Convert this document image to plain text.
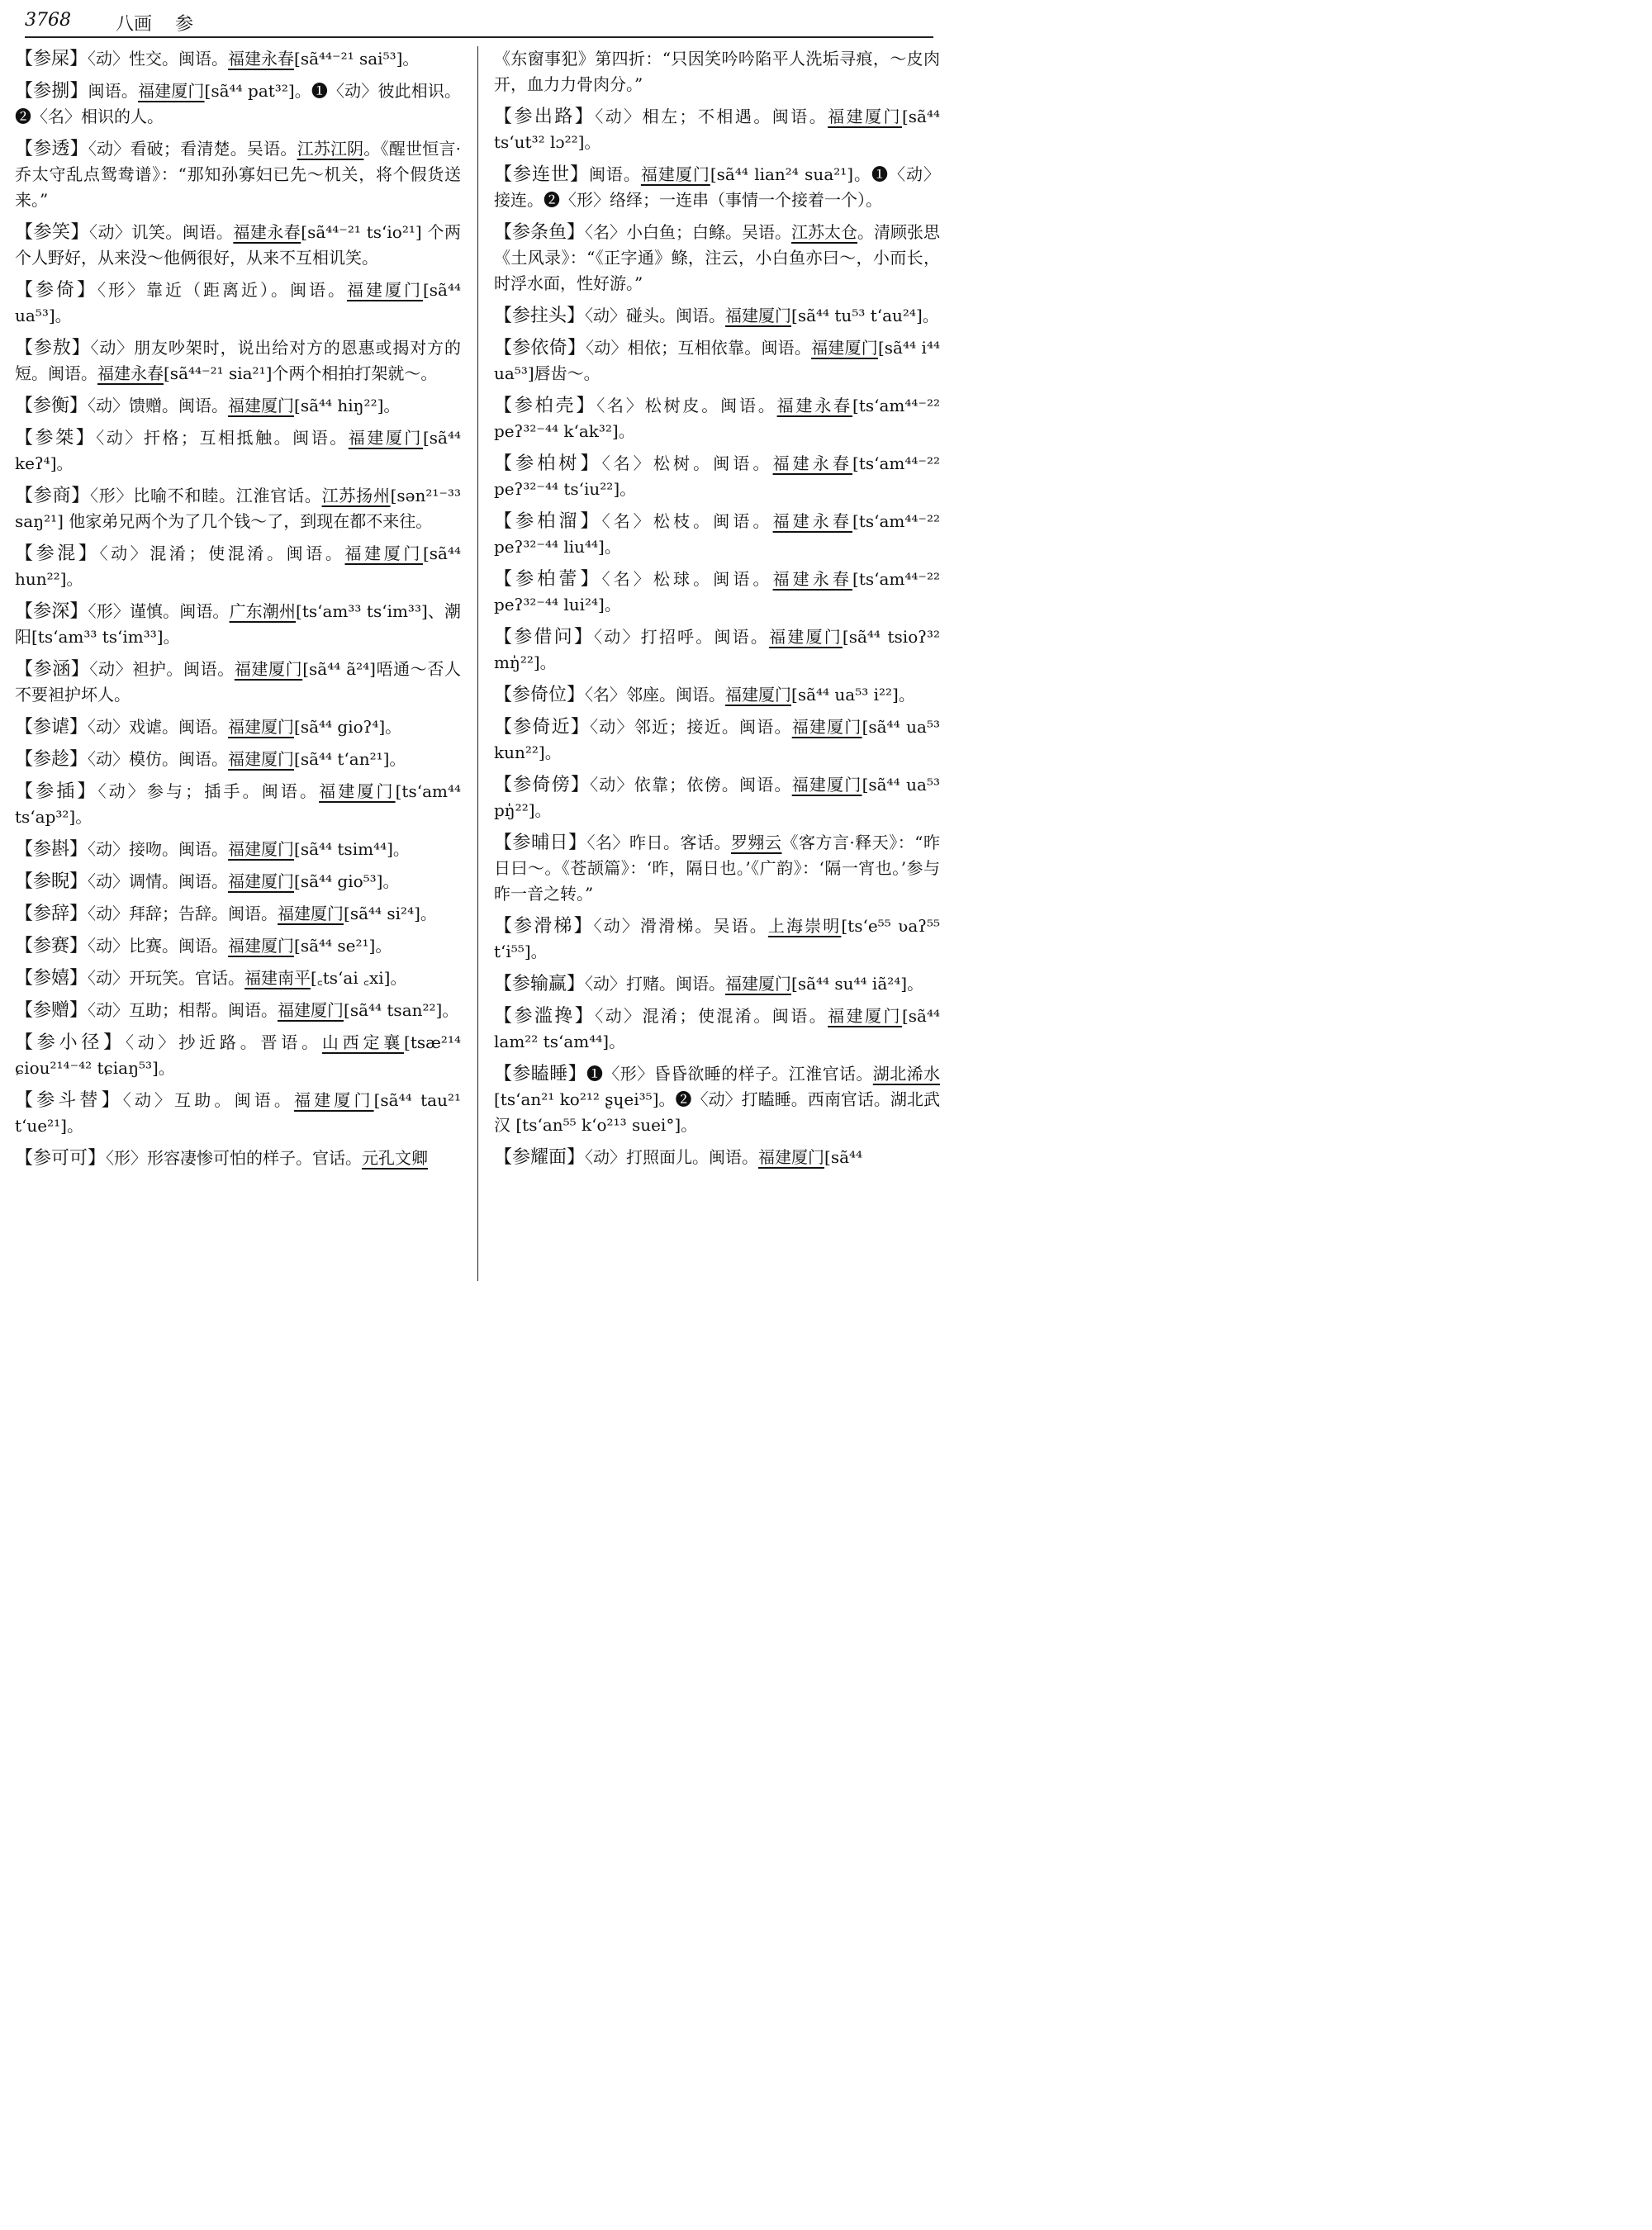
3768 八画 参
【参屎】〈动〉性交。闽语。福建永春[sã⁴⁴⁻²¹ sai⁵³]。
【参捌】闽语。福建厦门[sã⁴⁴ pat³²]。❶〈动〉彼此相识。❷〈名〉相识的人。
【参透】〈动〉看破；看清楚。吴语。江苏江阴。《醒世恒言·乔太守乱点鸳鸯谱》：“那知孙寡妇已先～机关，将个假货送来。”
【参笑】〈动〉讥笑。闽语。福建永春[sã⁴⁴⁻²¹ ts‘io²¹] 个两个人野好，从来没～他俩很好，从来不互相讥笑。
【参倚】〈形〉靠近（距离近）。闽语。福建厦门[sã⁴⁴ ua⁵³]。
【参敖】〈动〉朋友吵架时，说出给对方的恩惠或揭对方的短。闽语。福建永春[sã⁴⁴⁻²¹ sia²¹]个两个相拍打架就～。
【参衡】〈动〉馈赠。闽语。福建厦门[sã⁴⁴ hiŋ²²]。
【参桀】〈动〉扞格；互相抵触。闽语。福建厦门[sã⁴⁴ keʔ⁴]。
【参商】〈形〉比喻不和睦。江淮官话。江苏扬州[sən²¹⁻³³ saŋ²¹] 他家弟兄两个为了几个钱～了，到现在都不来往。
【参混】〈动〉混淆；使混淆。闽语。福建厦门[sã⁴⁴ hun²²]。
【参深】〈形〉谨慎。闽语。广东潮州[ts‘am³³ ts‘im³³]、潮阳[ts‘am³³ ts‘im³³]。
【参涵】〈动〉袒护。闽语。福建厦门[sã⁴⁴ ã²⁴]唔通～否人不要袒护坏人。
【参谑】〈动〉戏谑。闽语。福建厦门[sã⁴⁴ gioʔ⁴]。
【参趁】〈动〉模仿。闽语。福建厦门[sã⁴⁴ t‘an²¹]。
【参插】〈动〉参与；插手。闽语。福建厦门[ts‘am⁴⁴ ts‘ap³²]。
【参斟】〈动〉接吻。闽语。福建厦门[sã⁴⁴ tsim⁴⁴]。
【参睨】〈动〉调情。闽语。福建厦门[sã⁴⁴ gio⁵³]。
【参辞】〈动〉拜辞；告辞。闽语。福建厦门[sã⁴⁴ si²⁴]。
【参赛】〈动〉比赛。闽语。福建厦门[sã⁴⁴ se²¹]。
【参嬉】〈动〉开玩笑。官话。福建南平[꜀ts‘ai ꜀xi]。
【参赠】〈动〉互助；相帮。闽语。福建厦门[sã⁴⁴ tsan²²]。
【参小径】〈动〉抄近路。晋语。山西定襄[tsæ²¹⁴ ɕiou²¹⁴⁻⁴² tɕiaŋ⁵³]。
【参斗替】〈动〉互助。闽语。福建厦门[sã⁴⁴ tau²¹ t‘ue²¹]。
【参可可】〈形〉形容凄惨可怕的样子。官话。元孔文卿
《东窗事犯》第四折：“只因笑吟吟陷平人洗垢寻痕，～皮肉开，血力力骨肉分。”
【参出路】〈动〉相左；不相遇。闽语。福建厦门[sã⁴⁴ ts‘ut³² lɔ²²]。
【参连世】闽语。福建厦门[sã⁴⁴ lian²⁴ sua²¹]。❶〈动〉接连。❷〈形〉络绎；一连串（事情一个接着一个）。
【参条鱼】〈名〉小白鱼；白鲦。吴语。江苏太仓。清顾张思《土风录》：“《正字通》鲦，注云，小白鱼亦曰～，小而长，时浮水面，性好游。”
【参拄头】〈动〉碰头。闽语。福建厦门[sã⁴⁴ tu⁵³ t‘au²⁴]。
【参依倚】〈动〉相依；互相依靠。闽语。福建厦门[sã⁴⁴ i⁴⁴ ua⁵³]唇齿～。
【参柏壳】〈名〉松树皮。闽语。福建永春[ts‘am⁴⁴⁻²² peʔ³²⁻⁴⁴ k‘ak³²]。
【参柏树】〈名〉松树。闽语。福建永春[ts‘am⁴⁴⁻²² peʔ³²⁻⁴⁴ ts‘iu²²]。
【参柏溜】〈名〉松枝。闽语。福建永春[ts‘am⁴⁴⁻²² peʔ³²⁻⁴⁴ liu⁴⁴]。
【参柏蕾】〈名〉松球。闽语。福建永春[ts‘am⁴⁴⁻²² peʔ³²⁻⁴⁴ lui²⁴]。
【参借问】〈动〉打招呼。闽语。福建厦门[sã⁴⁴ tsioʔ³² mŋ̍²²]。
【参倚位】〈名〉邻座。闽语。福建厦门[sã⁴⁴ ua⁵³ i²²]。
【参倚近】〈动〉邻近；接近。闽语。福建厦门[sã⁴⁴ ua⁵³ kun²²]。
【参倚傍】〈动〉依靠；依傍。闽语。福建厦门[sã⁴⁴ ua⁵³ pŋ̍²²]。
【参晡日】〈名〉昨日。客话。罗翙云《客方言·释天》：“昨日曰～。《苍颉篇》：‘昨，隔日也。’《广韵》：‘隔一宵也。’参与昨一音之转。”
【参滑梯】〈动〉滑滑梯。吴语。上海崇明[ts‘e⁵⁵ ʋaʔ⁵⁵ t‘i⁵⁵]。
【参输赢】〈动〉打赌。闽语。福建厦门[sã⁴⁴ su⁴⁴ iã²⁴]。
【参滥搀】〈动〉混淆；使混淆。闽语。福建厦门[sã⁴⁴ lam²² ts‘am⁴⁴]。
【参瞌睡】❶〈形〉昏昏欲睡的样子。江淮官话。湖北浠水[ts‘an²¹ ko²¹² ʂɥei³⁵]。❷〈动〉打瞌睡。西南官话。湖北武汉 [ts‘an⁵⁵ k‘o²¹³ suei°]。
【参耀面】〈动〉打照面儿。闽语。福建厦门[sã⁴⁴
